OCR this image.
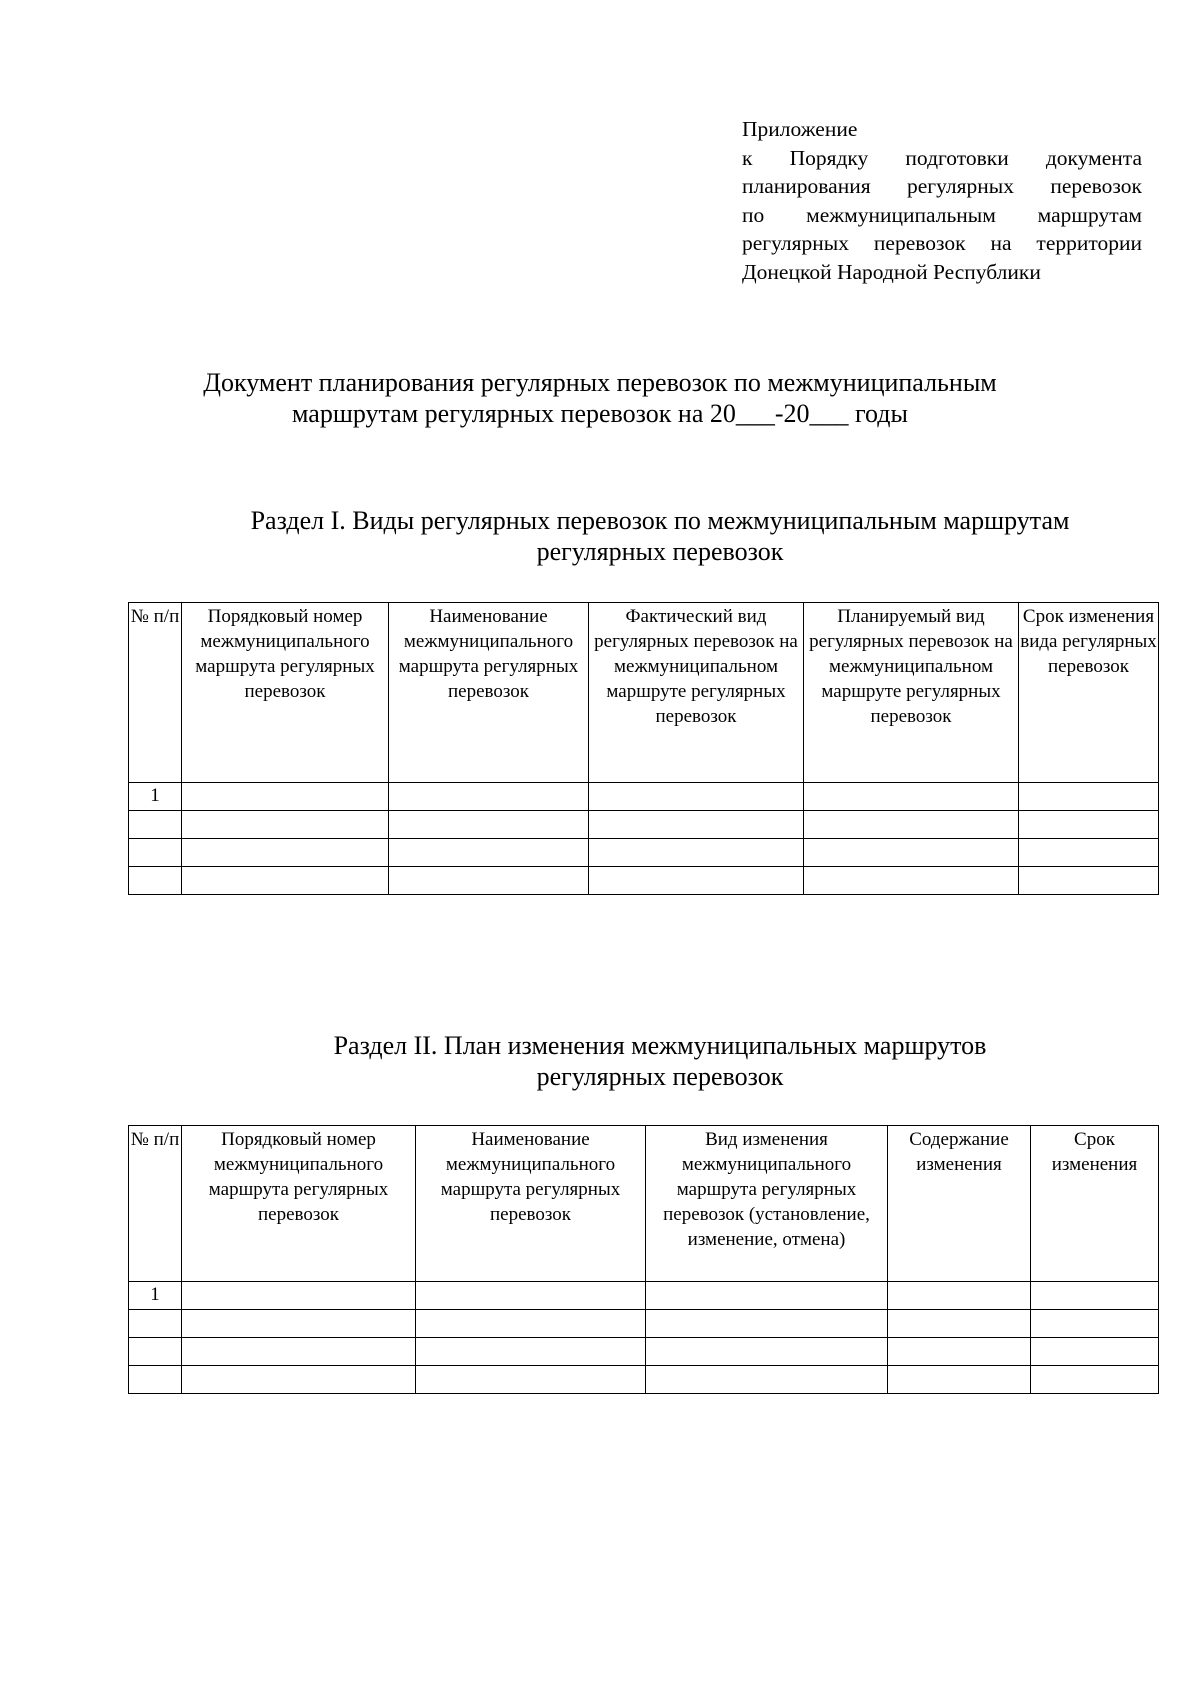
Приложение
к Порядку подготовки документа
планирования регулярных перевозок
по межмуниципальным маршрутам
регулярных перевозок на территории
Донецкой Народной Республики
Документ планирования регулярных перевозок по межмуниципальным
маршрутам регулярных перевозок на 20___-20___ годы
Раздел I. Виды регулярных перевозок по межмуниципальным маршрутам
регулярных перевозок
№ п/п	Порядковый номер межмуниципального маршрута регулярных перевозок	Наименование межмуниципального маршрута регулярных перевозок	Фактический вид регулярных перевозок на межмуниципальном маршруте регулярных перевозок	Планируемый вид регулярных перевозок на межмуниципальном маршруте регулярных перевозок	Срок изменения вида регулярных перевозок
1					

Раздел II. План изменения межмуниципальных маршрутов
регулярных перевозок
№ п/п	Порядковый номер межмуниципального маршрута регулярных перевозок	Наименование межмуниципального маршрута регулярных перевозок	Вид изменения межмуниципального маршрута регулярных перевозок (установление, изменение, отмена)	Содержание изменения	Срок изменения
1					
